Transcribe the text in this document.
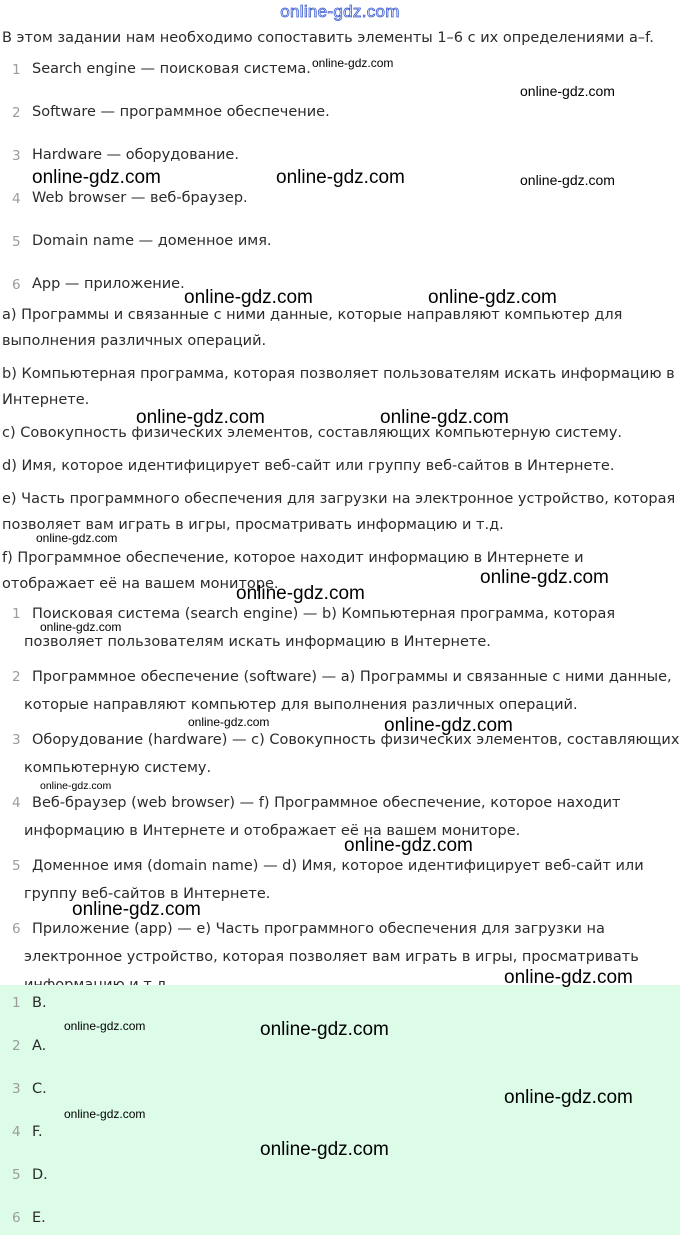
online-gdz.com

В этом задании нам необходимо сопоставить элементы 1–6 с их определениями a–f.

1 Search engine — поисковая система.
2 Software — программное обеспечение.
3 Hardware — оборудование.
4 Web browser — веб-браузер.
5 Domain name — доменное имя.
6 App — приложение.

a) Программы и связанные с ними данные, которые направляют компьютер для выполнения различных операций.

b) Компьютерная программа, которая позволяет пользователям искать информацию в Интернете.

c) Совокупность физических элементов, составляющих компьютерную систему.

d) Имя, которое идентифицирует веб-сайт или группу веб-сайтов в Интернете.

e) Часть программного обеспечения для загрузки на электронное устройство, которая позволяет вам играть в игры, просматривать информацию и т.д.

f) Программное обеспечение, которое находит информацию в Интернете и отображает её на вашем мониторе.

1 Поисковая система (search engine) — b) Компьютерная программа, которая позволяет пользователям искать информацию в Интернете.

2 Программное обеспечение (software) — a) Программы и связанные с ними данные, которые направляют компьютер для выполнения различных операций.

3 Оборудование (hardware) — c) Совокупность физических элементов, составляющих компьютерную систему.

4 Веб-браузер (web browser) — f) Программное обеспечение, которое находит информацию в Интернете и отображает её на вашем мониторе.

5 Доменное имя (domain name) — d) Имя, которое идентифицирует веб-сайт или группу веб-сайтов в Интернете.

6 Приложение (app) — e) Часть программного обеспечения для загрузки на электронное устройство, которая позволяет вам играть в игры, просматривать

1 B.
2 A.
3 C.
4 F.
5 D.
6 E.
online-gdz.com
online-gdz.com
online-gdz.com	online-gdz.com	online-gdz.com
online-gdz.com	online-gdz.com
online-gdz.com	online-gdz.com
online-gdz.com
online-gdz.com
online-gdz.com
online-gdz.com
online-gdz.com	online-gdz.com
online-gdz.com
online-gdz.com
online-gdz.com
online-gdz.com
online-gdz.com	online-gdz.com
online-gdz.com
online-gdz.com
online-gdz.com
